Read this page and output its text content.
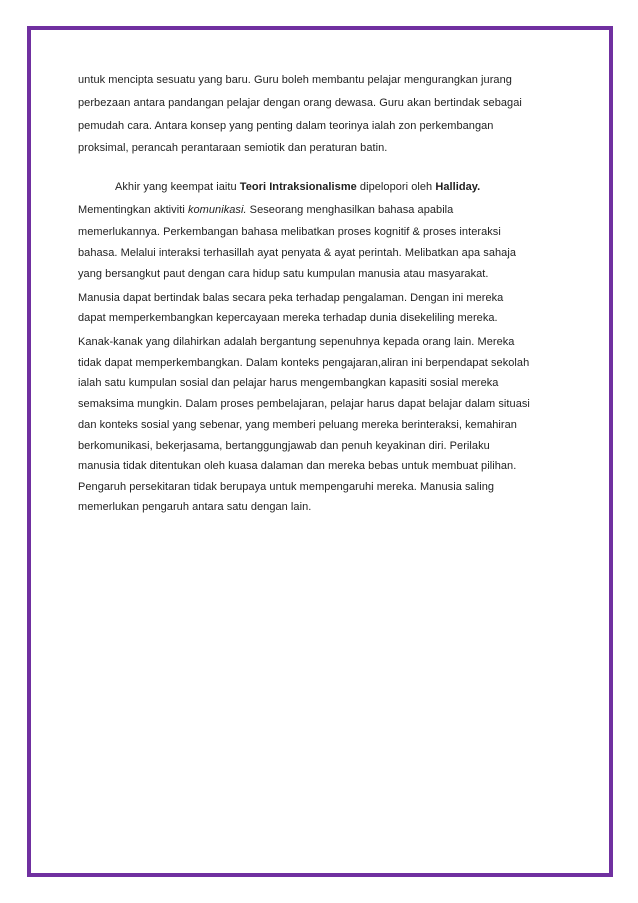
untuk mencipta sesuatu yang baru. Guru boleh membantu pelajar mengurangkan jurang
perbezaan antara pandangan pelajar dengan orang dewasa. Guru akan bertindak sebagai
pemudah cara. Antara konsep yang penting dalam teorinya ialah zon perkembangan
proksimal, perancah perantaraan semiotik dan peraturan batin.
Akhir yang keempat iaitu Teori Intraksionalisme dipelopori oleh Halliday.
Mementingkan aktiviti komunikasi. Seseorang menghasilkan bahasa apabila
memerlukannya. Perkembangan bahasa melibatkan proses kognitif & proses interaksi
bahasa. Melalui interaksi terhasillah ayat penyata & ayat perintah. Melibatkan apa sahaja
yang bersangkut paut dengan cara hidup satu kumpulan manusia atau masyarakat.
Manusia dapat bertindak balas secara peka terhadap pengalaman. Dengan ini mereka
dapat memperkembangkan kepercayaan mereka terhadap dunia disekeliling mereka.
Kanak-kanak yang dilahirkan adalah bergantung sepenuhnya kepada orang lain. Mereka
tidak dapat memperkembangkan. Dalam konteks pengajaran,aliran ini berpendapat sekolah
ialah satu kumpulan sosial dan pelajar harus mengembangkan kapasiti sosial mereka
semaksima mungkin. Dalam proses pembelajaran, pelajar harus dapat belajar dalam situasi
dan konteks sosial yang sebenar, yang memberi peluang mereka berinteraksi, kemahiran
berkomunikasi, bekerjasama, bertanggungjawab dan penuh keyakinan diri. Perilaku
manusia tidak ditentukan oleh kuasa dalaman dan mereka bebas untuk membuat pilihan.
Pengaruh persekitaran tidak berupaya untuk mempengaruhi mereka. Manusia saling
memerlukan pengaruh antara satu dengan lain.
